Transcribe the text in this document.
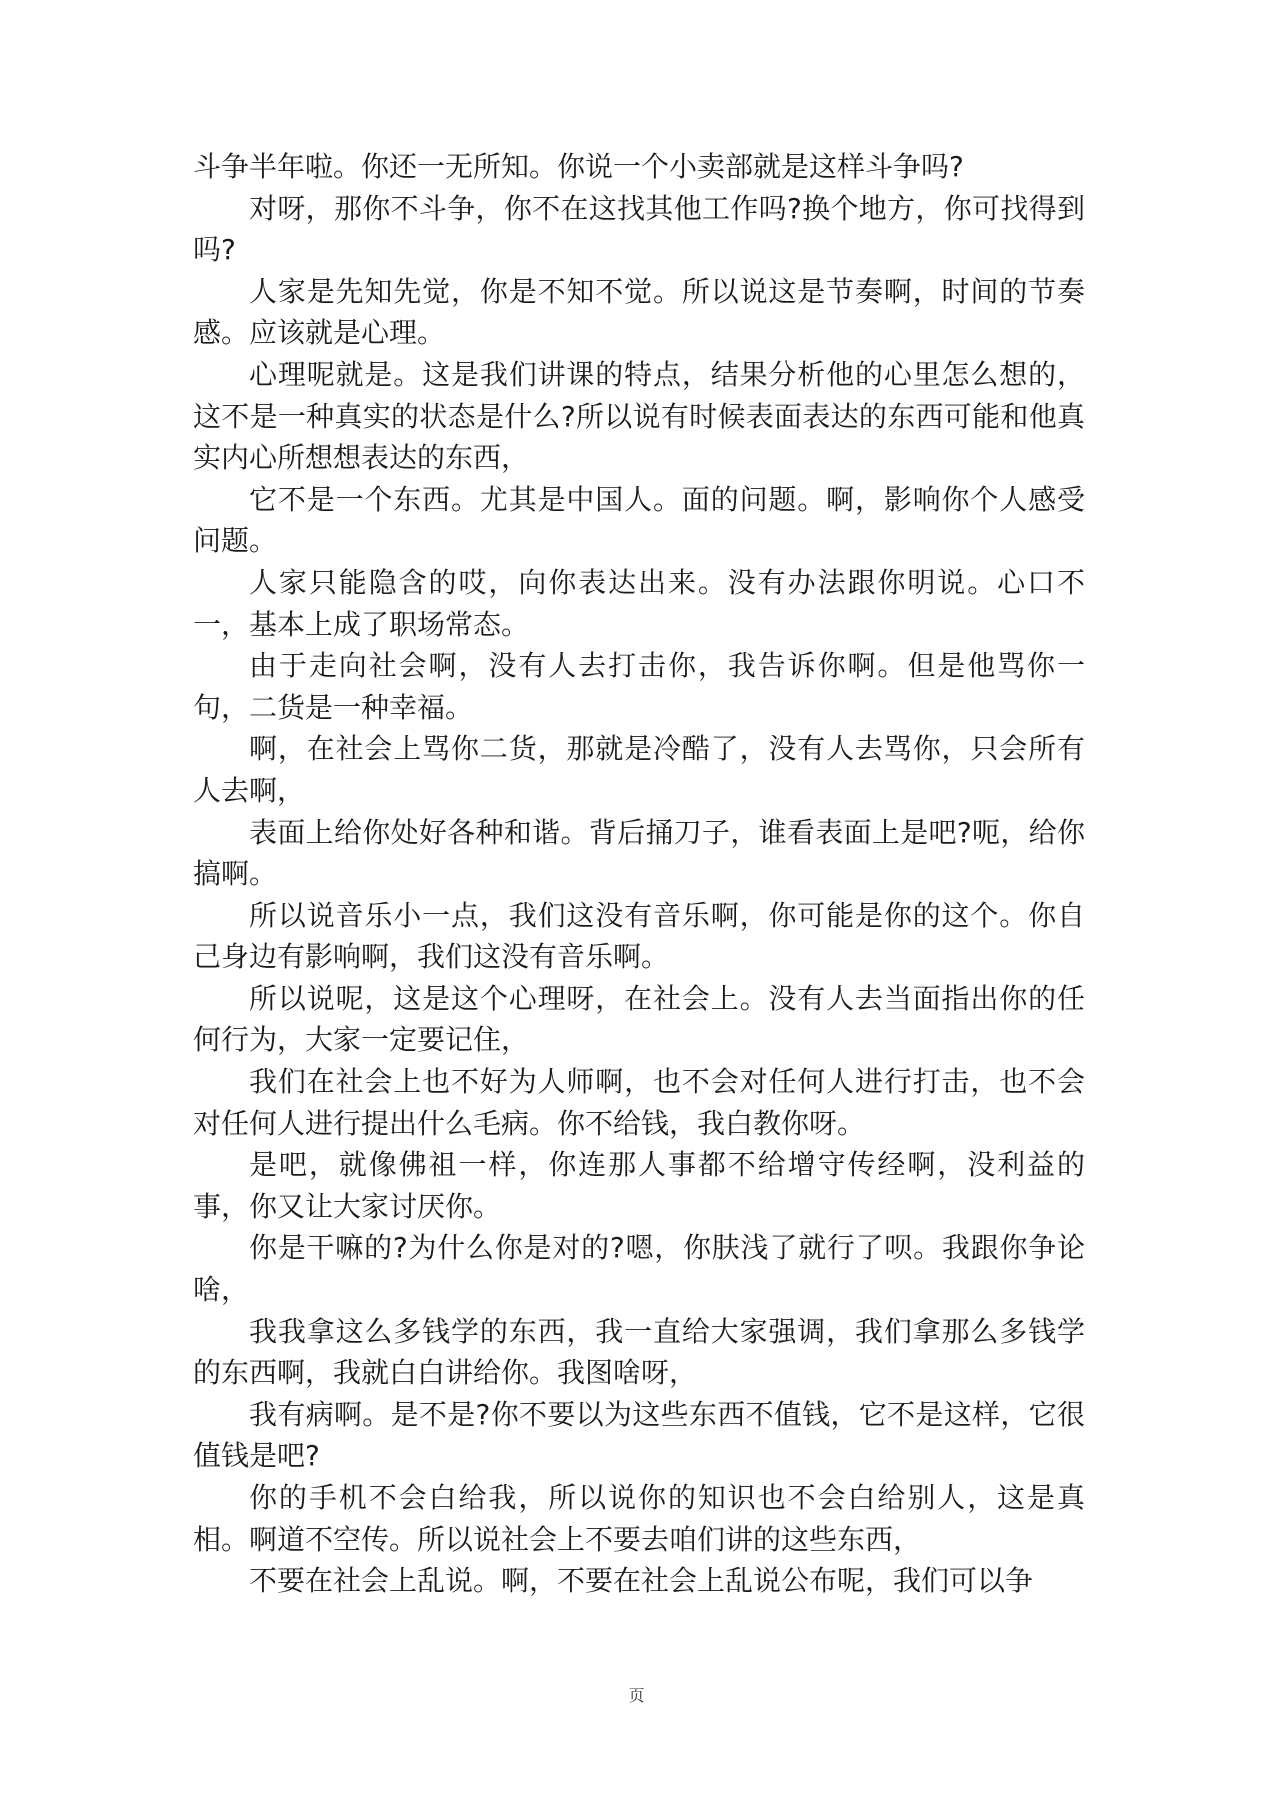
斗争半年啦。你还一无所知。你说一个小卖部就是这样斗争吗?

对呀，那你不斗争，你不在这找其他工作吗?换个地方，你可找得到吗?

人家是先知先觉，你是不知不觉。所以说这是节奏啊，时间的节奏感。应该就是心理。

心理呢就是。这是我们讲课的特点，结果分析他的心里怎么想的，这不是一种真实的状态是什么?所以说有时候表面表达的东西可能和他真实内心所想想表达的东西，

它不是一个东西。尤其是中国人。面的问题。啊，影响你个人感受问题。

人家只能隐含的哎，向你表达出来。没有办法跟你明说。心口不一，基本上成了职场常态。

由于走向社会啊，没有人去打击你，我告诉你啊。但是他骂你一句，二货是一种幸福。

啊，在社会上骂你二货，那就是冷酷了，没有人去骂你，只会所有人去啊，

表面上给你处好各种和谐。背后捅刀子，谁看表面上是吧?呃，给你搞啊。

所以说音乐小一点，我们这没有音乐啊，你可能是你的这个。你自己身边有影响啊，我们这没有音乐啊。

所以说呢，这是这个心理呀，在社会上。没有人去当面指出你的任何行为，大家一定要记住，

我们在社会上也不好为人师啊，也不会对任何人进行打击，也不会对任何人进行提出什么毛病。你不给钱，我白教你呀。

是吧，就像佛祖一样，你连那人事都不给增守传经啊，没利益的事，你又让大家讨厌你。

你是干嘛的?为什么你是对的?嗯，你肤浅了就行了呗。我跟你争论啥，

我我拿这么多钱学的东西，我一直给大家强调，我们拿那么多钱学的东西啊，我就白白讲给你。我图啥呀，

我有病啊。是不是?你不要以为这些东西不值钱，它不是这样，它很值钱是吧?

你的手机不会白给我，所以说你的知识也不会白给别人，这是真相。啊道不空传。所以说社会上不要去咱们讲的这些东西，

不要在社会上乱说。啊，不要在社会上乱说公布呢，我们可以争

页
